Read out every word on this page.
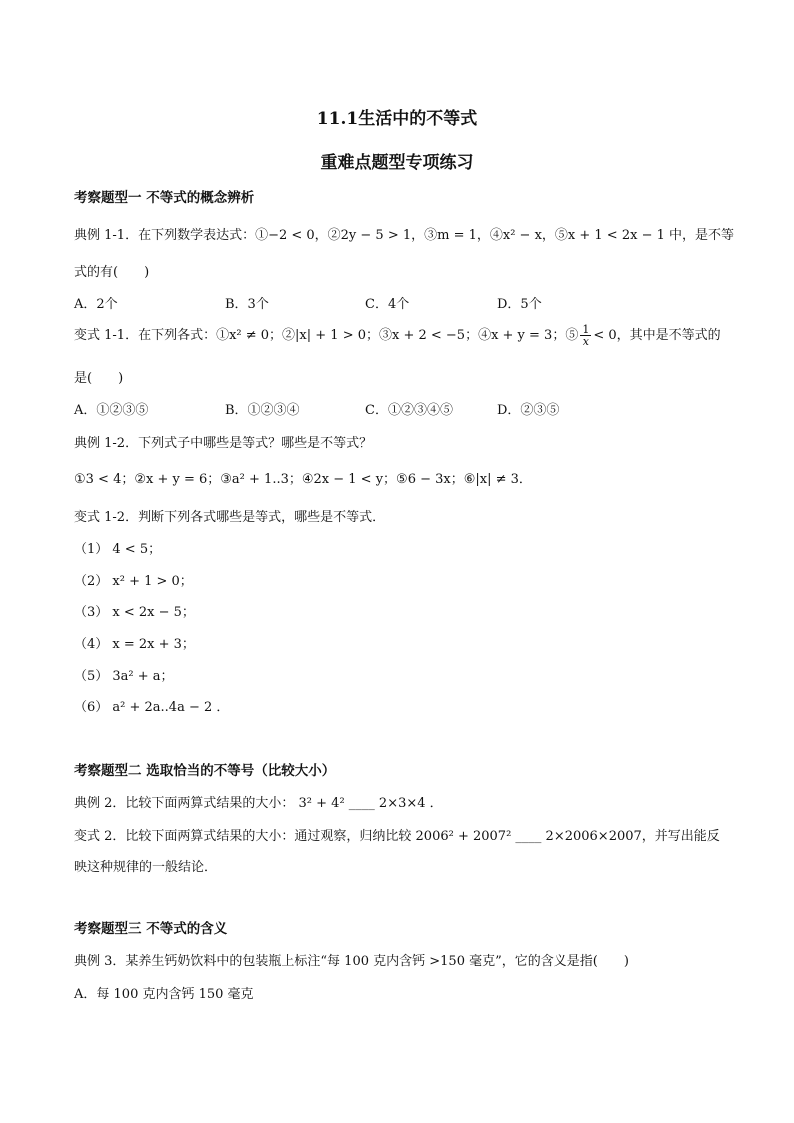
11.1生活中的不等式
重难点题型专项练习
考察题型一 不等式的概念辨析
典例 1-1．在下列数学表达式：①−2 < 0，②2y − 5 > 1，③m = 1，④x² − x，⑤x + 1 < 2x − 1 中，是不等
式的有(　　)
A．2个	B．3个	C．4个	D．5个
变式 1-1．在下列各式：①x² ≠ 0；②|x| + 1 > 0；③x + 2 < −5；④x + y = 3；⑤ $\frac{1}{x} < 0$，其中是不等式的
是(　　)
A．①②③⑤	B．①②③④	C．①②③④⑤	D．②③⑤
典例 1-2．下列式子中哪些是等式？哪些是不等式？
①3 < 4；②x + y = 6；③a² + 1..3；④2x − 1 < y；⑤6 − 3x；⑥|x| ≠ 3．
变式 1-2．判断下列各式哪些是等式，哪些是不等式．
（1） 4 < 5；
（2） x² + 1 > 0；
（3） x < 2x − 5；
（4） x = 2x + 3；
（5） 3a² + a；
（6） a² + 2a..4a − 2 ．
考察题型二 选取恰当的不等号（比较大小）
典例 2．比较下面两算式结果的大小： 3² + 4² ____ 2×3×4 ．
变式 2．比较下面两算式结果的大小：通过观察，归纳比较 2006² + 2007² ____ 2×2006×2007，并写出能反
映这种规律的一般结论．
考察题型三 不等式的含义
典例 3．某养生钙奶饮料中的包装瓶上标注“每 100 克内含钙 >150 毫克”，它的含义是指(　　)
A．每 100 克内含钙 150 毫克
